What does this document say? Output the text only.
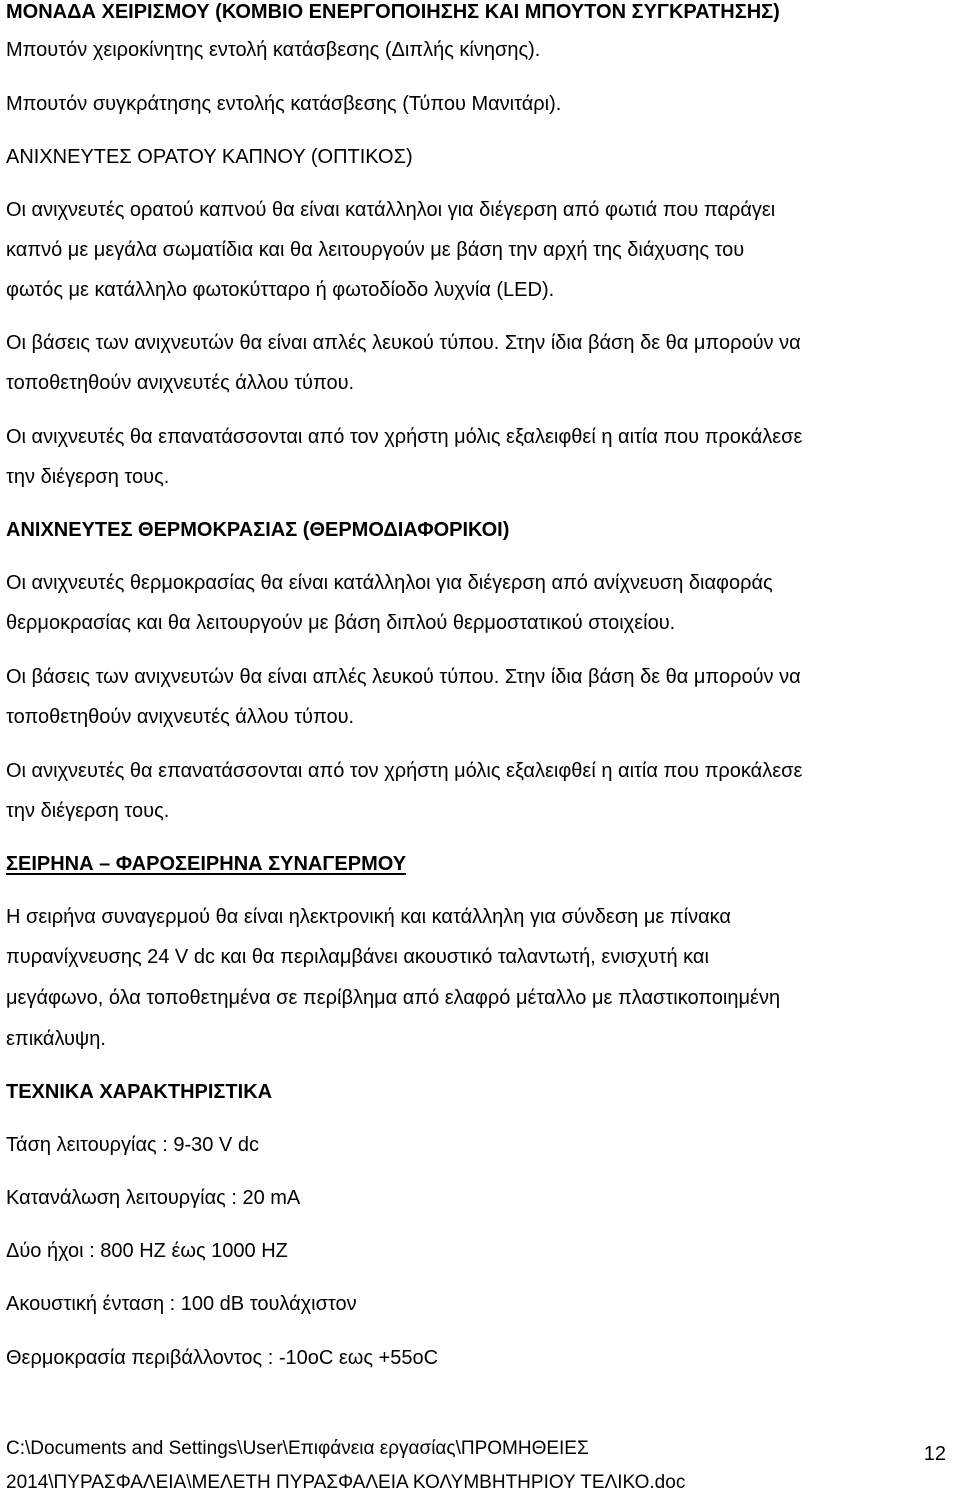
ΜΟΝΑΔΑ ΧΕΙΡΙΣΜΟΥ (ΚΟΜΒΙΟ ΕΝΕΡΓΟΠΟΙΗΣΗΣ ΚΑΙ ΜΠΟΥΤΟΝ ΣΥΓΚΡΑΤΗΣΗΣ)
Μπουτόν χειροκίνητης εντολή κατάσβεσης (Διπλής κίνησης).
Μπουτόν συγκράτησης εντολής κατάσβεσης (Τύπου Μανιτάρι).
ΑΝΙΧΝΕΥΤΕΣ ΟΡΑΤΟΥ ΚΑΠΝΟΥ (ΟΠΤΙΚΟΣ)
Οι ανιχνευτές ορατού καπνού θα είναι κατάλληλοι για διέγερση από φωτιά που παράγει
καπνό με μεγάλα σωματίδια και θα λειτουργούν με βάση την αρχή της διάχυσης του
φωτός με κατάλληλο φωτοκύτταρο ή φωτοδίοδο λυχνία (LED).
Οι βάσεις των ανιχνευτών θα είναι απλές λευκού τύπου. Στην ίδια βάση δε θα μπορούν να
τοποθετηθούν ανιχνευτές άλλου τύπου.
Οι ανιχνευτές θα επανατάσσονται από τον χρήστη μόλις εξαλειφθεί η αιτία που προκάλεσε
την διέγερση τους.
ΑΝΙΧΝΕΥΤΕΣ ΘΕΡΜΟΚΡΑΣΙΑΣ (ΘΕΡΜΟΔΙΑΦΟΡΙΚΟΙ)
Οι ανιχνευτές θερμοκρασίας θα είναι κατάλληλοι για διέγερση από ανίχνευση διαφοράς
θερμοκρασίας και θα λειτουργούν με βάση διπλού θερμοστατικού στοιχείου.
Οι βάσεις των ανιχνευτών θα είναι απλές λευκού τύπου. Στην ίδια βάση δε θα μπορούν να
τοποθετηθούν ανιχνευτές άλλου τύπου.
Οι ανιχνευτές θα επανατάσσονται από τον χρήστη μόλις εξαλειφθεί η αιτία που προκάλεσε
την διέγερση τους.
ΣΕΙΡΗΝΑ – ΦΑΡΟΣΕΙΡΗΝΑ ΣΥΝΑΓΕΡΜΟΥ
Η σειρήνα συναγερμού θα είναι ηλεκτρονική και κατάλληλη για σύνδεση με πίνακα
πυρανίχνευσης 24 V dc και θα περιλαμβάνει ακουστικό ταλαντωτή, ενισχυτή και
μεγάφωνο, όλα τοποθετημένα σε περίβλημα από ελαφρό μέταλλο με πλαστικοποιημένη
επικάλυψη.
ΤΕΧΝΙΚΑ ΧΑΡΑΚΤΗΡΙΣΤΙΚΑ
Τάση λειτουργίας : 9-30 V dc
Κατανάλωση λειτουργίας : 20 mA
Δύο ήχοι : 800 HZ έως 1000 HZ
Ακουστική ένταση : 100 dB τουλάχιστον
Θερμοκρασία περιβάλλοντος : -10oC εως +55oC
C:\Documents and Settings\User\Επιφάνεια εργασίας\ΠΡΟΜΗΘΕΙΕΣ
2014\ΠΥΡΑΣΦΑΛΕΙΑ\ΜΕΛΕΤΗ ΠΥΡΑΣΦΑΛΕΙΑ ΚΟΛΥΜΒΗΤΗΡΙΟΥ ΤΕΛΙΚΟ.doc
12
